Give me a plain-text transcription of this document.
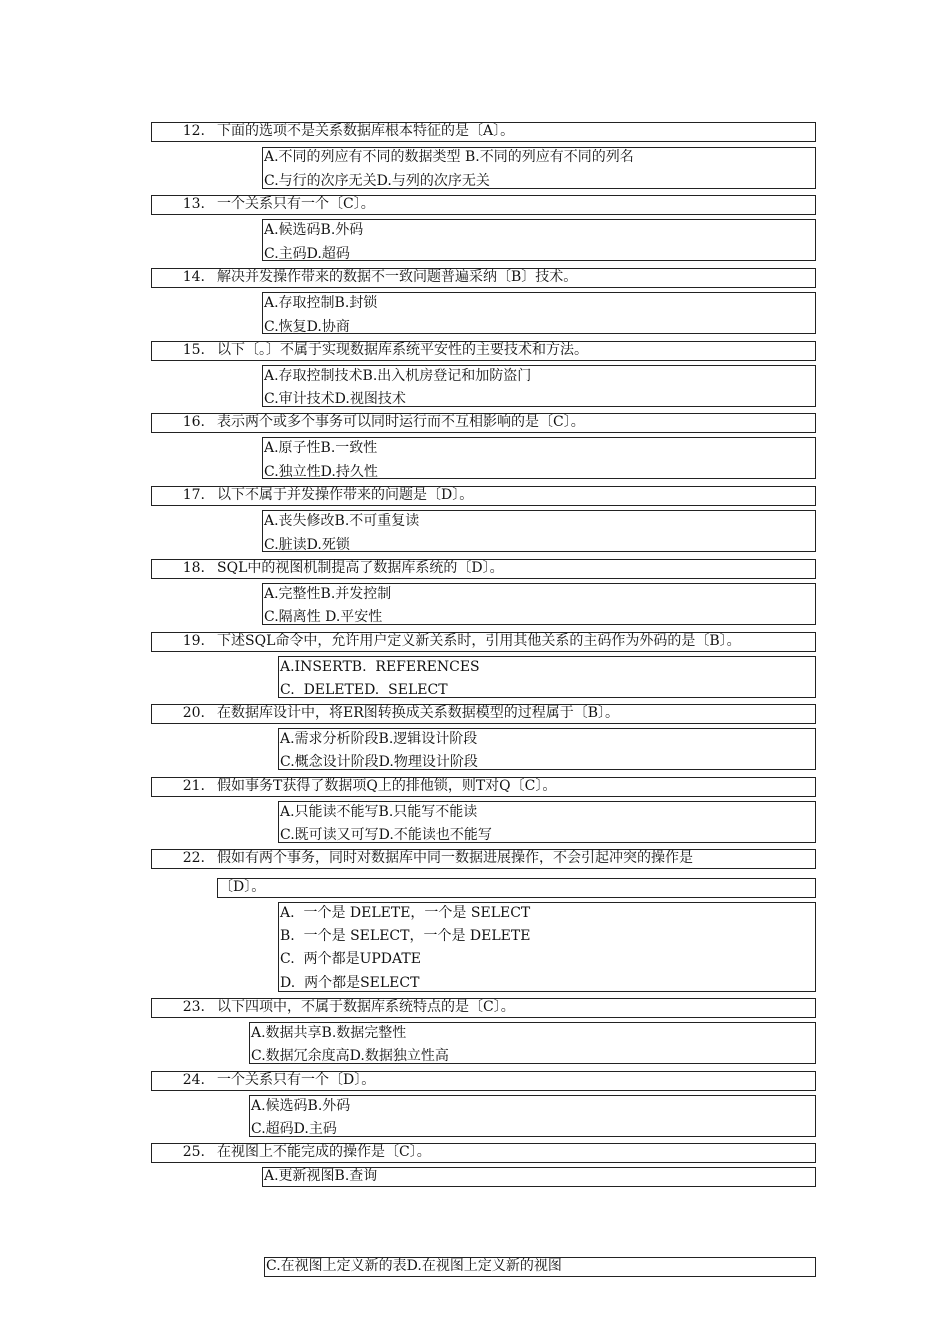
12. 下面的选项不是关系数据库根本特征的是〔A〕。
A.不同的列应有不同的数据类型 B.不同的列应有不同的列名
C.与行的次序无关D.与列的次序无关
13. 一个关系只有一个〔C〕。
A.候选码B.外码
C.主码D.超码
14. 解决并发操作带来的数据不一致问题普遍采纳〔B〕技术。
A.存取控制B.封锁
C.恢复D.协商
15. 以下〔。〕不属于实现数据库系统平安性的主要技术和方法。
A.存取控制技术B.出入机房登记和加防盗门
C.审计技术D.视图技术
16. 表示两个或多个事务可以同时运行而不互相影响的是〔C〕。
A.原子性B.一致性
C.独立性D.持久性
17. 以下不属于并发操作带来的问题是〔D〕。
A.丧失修改B.不可重复读
C.脏读D.死锁
18. SQL中的视图机制提高了数据库系统的〔D〕。
A.完整性B.并发控制
C.隔离性 D.平安性
19. 下述SQL命令中，允许用户定义新关系时，引用其他关系的主码作为外码的是〔B〕。
A.INSERTB.  REFERENCES
C.  DELETED.  SELECT
20. 在数据库设计中，将ER图转换成关系数据模型的过程属于〔B〕。
A.需求分析阶段B.逻辑设计阶段
C.概念设计阶段D.物理设计阶段
21. 假如事务T获得了数据项Q上的排他锁，则T对Q〔C〕。
A.只能读不能写B.只能写不能读
C.既可读又可写D.不能读也不能写
22. 假如有两个事务，同时对数据库中同一数据进展操作，不会引起冲突的操作是
〔D〕。
A.  一个是 DELETE，一个是 SELECT
B.  一个是 SELECT，一个是 DELETE
C.  两个都是UPDATE
D.  两个都是SELECT
23. 以下四项中，不属于数据库系统特点的是〔C〕。
A.数据共享B.数据完整性
C.数据冗余度高D.数据独立性高
24. 一个关系只有一个〔D〕。
A.候选码B.外码
C.超码D.主码
25. 在视图上不能完成的操作是〔C〕。
A.更新视图B.查询
C.在视图上定义新的表D.在视图上定义新的视图
